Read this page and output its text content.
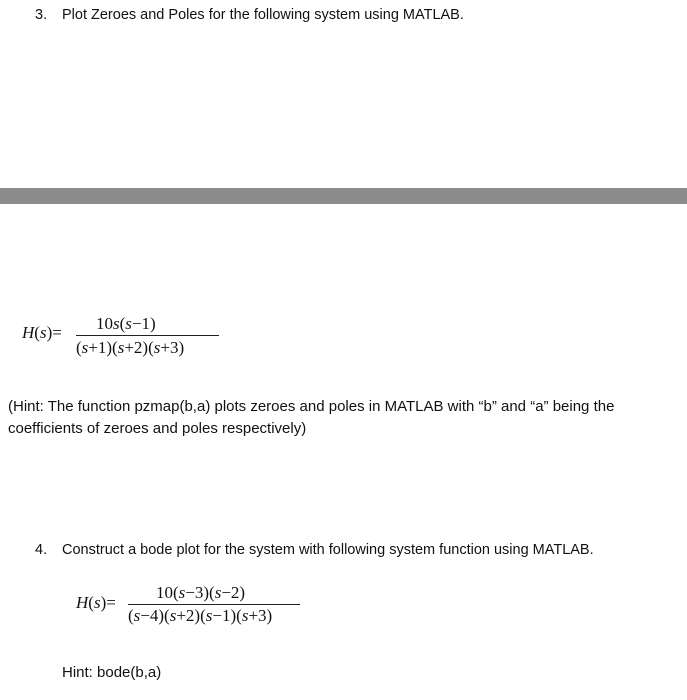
3. Plot Zeroes and Poles for the following system using MATLAB.
H(s)= 10s(s−1)
(s+1)(s+2)(s+3)
(Hint: The function pzmap(b,a) plots zeroes and poles in MATLAB with “b” and “a” being the coefficients of zeroes and poles respectively)
4. Construct a bode plot for the system with following system function using MATLAB.
H(s)=
10(s−3)(s−2)
(s−4)(s+2)(s−1)(s+3)
Hint: bode(b,a)
